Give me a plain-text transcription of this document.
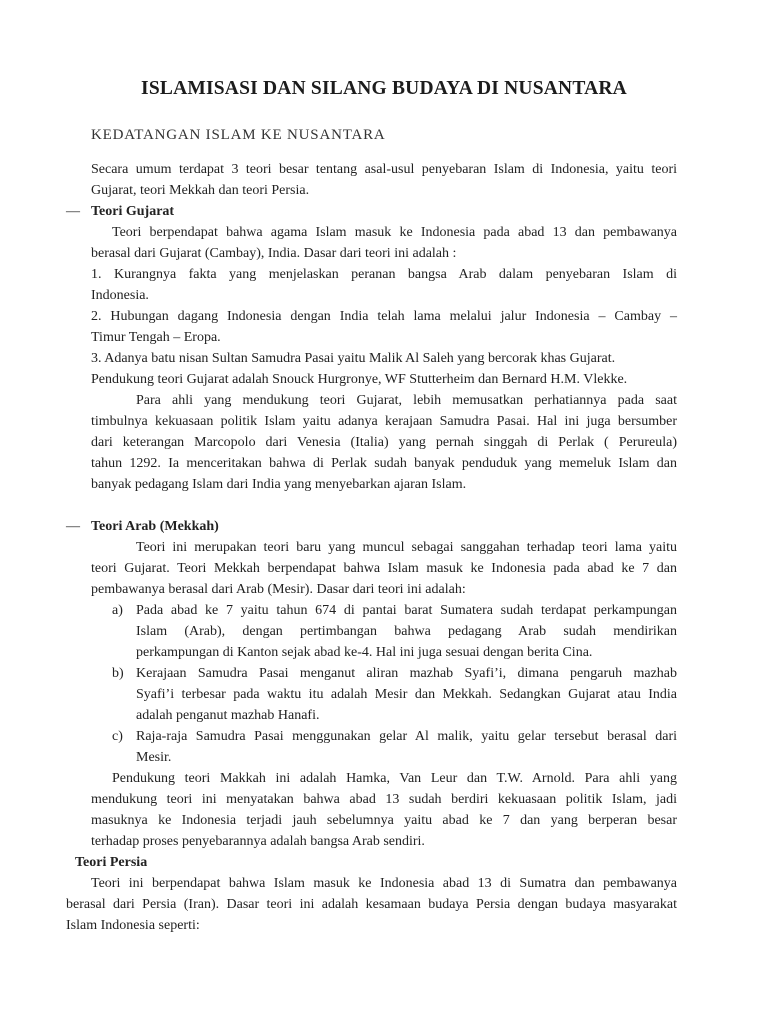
ISLAMISASI DAN SILANG BUDAYA DI NUSANTARA
KEDATANGAN ISLAM KE NUSANTARA
Secara umum terdapat 3 teori besar tentang asal-usul penyebaran Islam di Indonesia, yaitu teori
Gujarat, teori Mekkah dan teori Persia.
— Teori Gujarat
Teori berpendapat bahwa agama Islam masuk ke Indonesia pada abad 13 dan pembawanya
berasal dari Gujarat (Cambay), India. Dasar dari teori ini adalah :
1. Kurangnya fakta yang menjelaskan peranan bangsa Arab dalam penyebaran Islam di
Indonesia.
2. Hubungan dagang Indonesia dengan India telah lama melalui jalur Indonesia – Cambay –
Timur Tengah – Eropa.
3. Adanya batu nisan Sultan Samudra Pasai yaitu Malik Al Saleh yang bercorak khas Gujarat.
Pendukung teori Gujarat adalah Snouck Hurgronye, WF Stutterheim dan Bernard H.M. Vlekke.
Para ahli yang mendukung teori Gujarat, lebih memusatkan perhatiannya pada saat
timbulnya kekuasaan politik Islam yaitu adanya kerajaan Samudra Pasai. Hal ini juga bersumber
dari keterangan Marcopolo dari Venesia (Italia) yang pernah singgah di Perlak ( Perureula)
tahun 1292. Ia menceritakan bahwa di Perlak sudah banyak penduduk yang memeluk Islam dan
banyak pedagang Islam dari India yang menyebarkan ajaran Islam.
— Teori Arab (Mekkah)
Teori ini merupakan teori baru yang muncul sebagai sanggahan terhadap teori lama yaitu
teori Gujarat. Teori Mekkah berpendapat bahwa Islam masuk ke Indonesia pada abad ke 7 dan
pembawanya berasal dari Arab (Mesir). Dasar dari teori ini adalah:
a) Pada abad ke 7 yaitu tahun 674 di pantai barat Sumatera sudah terdapat perkampungan
Islam (Arab), dengan pertimbangan bahwa pedagang Arab sudah mendirikan
perkampungan di Kanton sejak abad ke-4. Hal ini juga sesuai dengan berita Cina.
b) Kerajaan Samudra Pasai menganut aliran mazhab Syafi’i, dimana pengaruh mazhab
Syafi’i terbesar pada waktu itu adalah Mesir dan Mekkah. Sedangkan Gujarat atau India
adalah penganut mazhab Hanafi.
c) Raja-raja Samudra Pasai menggunakan gelar Al malik, yaitu gelar tersebut berasal dari
Mesir.
Pendukung teori Makkah ini adalah Hamka, Van Leur dan T.W. Arnold. Para ahli yang
mendukung teori ini menyatakan bahwa abad 13 sudah berdiri kekuasaan politik Islam, jadi
masuknya ke Indonesia terjadi jauh sebelumnya yaitu abad ke 7 dan yang berperan besar
terhadap proses penyebarannya adalah bangsa Arab sendiri.
Teori Persia
Teori ini berpendapat bahwa Islam masuk ke Indonesia abad 13 di Sumatra dan pembawanya
berasal dari Persia (Iran). Dasar teori ini adalah kesamaan budaya Persia dengan budaya masyarakat
Islam Indonesia seperti:
